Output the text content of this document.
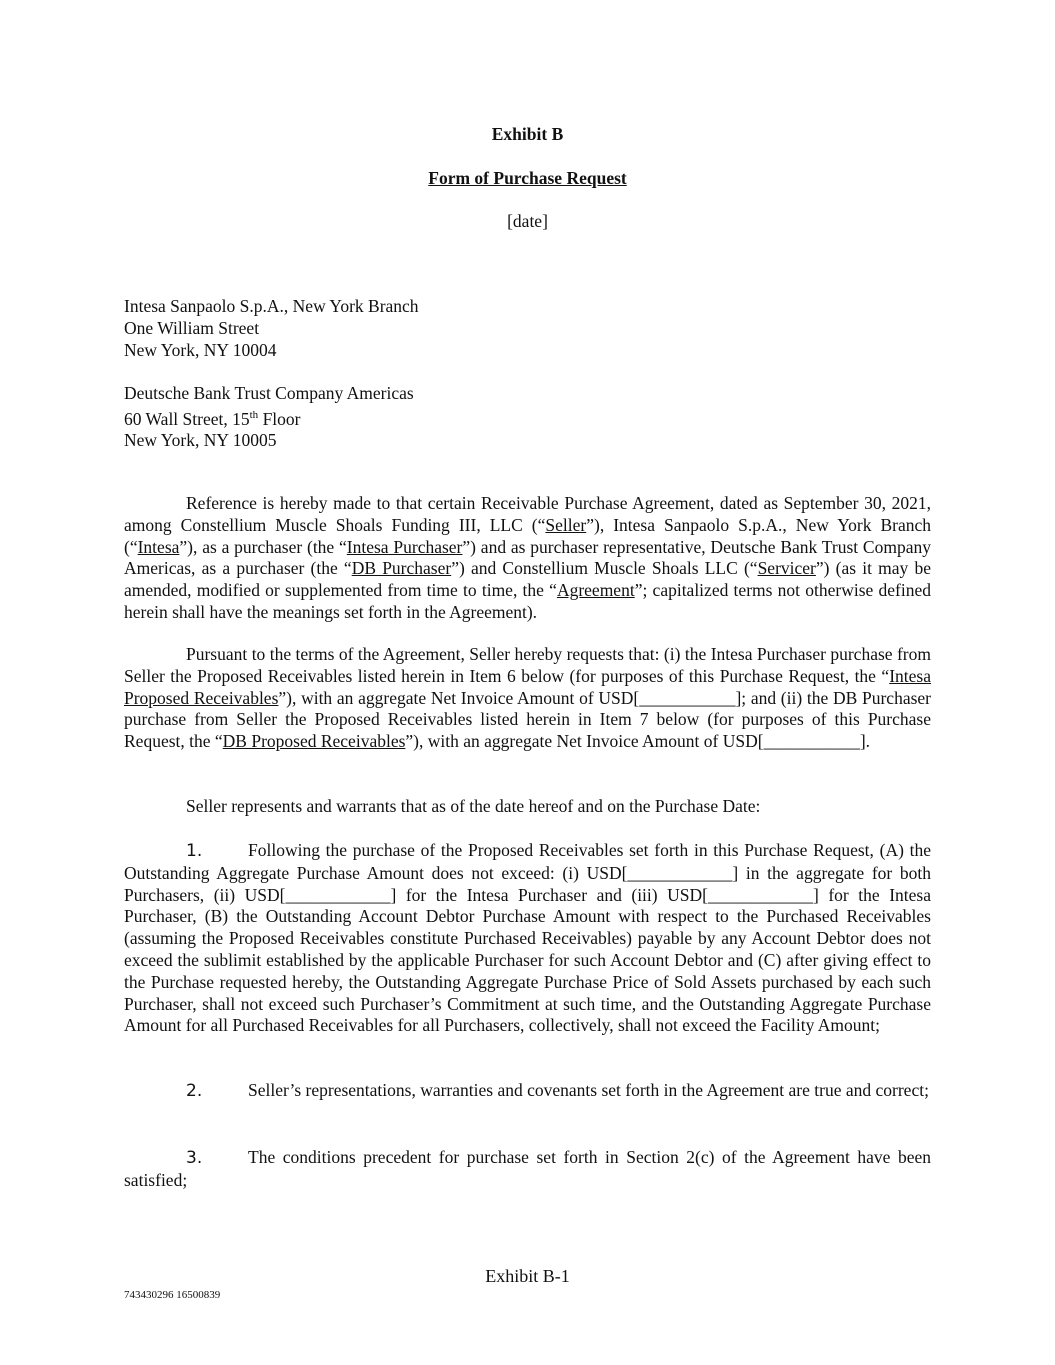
Exhibit B
Form of Purchase Request
[date]
Intesa Sanpaolo S.p.A., New York Branch
One William Street
New York, NY 10004
Deutsche Bank Trust Company Americas
60 Wall Street, 15th Floor
New York, NY 10005
Reference is hereby made to that certain Receivable Purchase Agreement, dated as September 30, 2021, among Constellium Muscle Shoals Funding III, LLC (“Seller”), Intesa Sanpaolo S.p.A., New York Branch (“Intesa”), as a purchaser (the “Intesa Purchaser”) and as purchaser representative, Deutsche Bank Trust Company Americas, as a purchaser (the “DB Purchaser”) and Constellium Muscle Shoals LLC (“Servicer”) (as it may be amended, modified or supplemented from time to time, the “Agreement”; capitalized terms not otherwise defined herein shall have the meanings set forth in the Agreement).
Pursuant to the terms of the Agreement, Seller hereby requests that: (i) the Intesa Purchaser purchase from Seller the Proposed Receivables listed herein in Item 6 below (for purposes of this Purchase Request, the “Intesa Proposed Receivables”), with an aggregate Net Invoice Amount of USD[___________]; and (ii) the DB Purchaser purchase from Seller the Proposed Receivables listed herein in Item 7 below (for purposes of this Purchase Request, the “DB Proposed Receivables”), with an aggregate Net Invoice Amount of USD[___________].
Seller represents and warrants that as of the date hereof and on the Purchase Date:
1.	Following the purchase of the Proposed Receivables set forth in this Purchase Request, (A) the Outstanding Aggregate Purchase Amount does not exceed: (i) USD[____________] in the aggregate for both Purchasers, (ii) USD[____________] for the Intesa Purchaser and (iii) USD[____________] for the Intesa Purchaser, (B) the Outstanding Account Debtor Purchase Amount with respect to the Purchased Receivables (assuming the Proposed Receivables constitute Purchased Receivables) payable by any Account Debtor does not exceed the sublimit established by the applicable Purchaser for such Account Debtor and (C) after giving effect to the Purchase requested hereby, the Outstanding Aggregate Purchase Price of Sold Assets purchased by each such Purchaser, shall not exceed such Purchaser’s Commitment at such time, and the Outstanding Aggregate Purchase Amount for all Purchased Receivables for all Purchasers, collectively, shall not exceed the Facility Amount;
2.	Seller’s representations, warranties and covenants set forth in the Agreement are true and correct;
3.	The conditions precedent for purchase set forth in Section 2(c) of the Agreement have been satisfied;
Exhibit B-1
743430296 16500839
